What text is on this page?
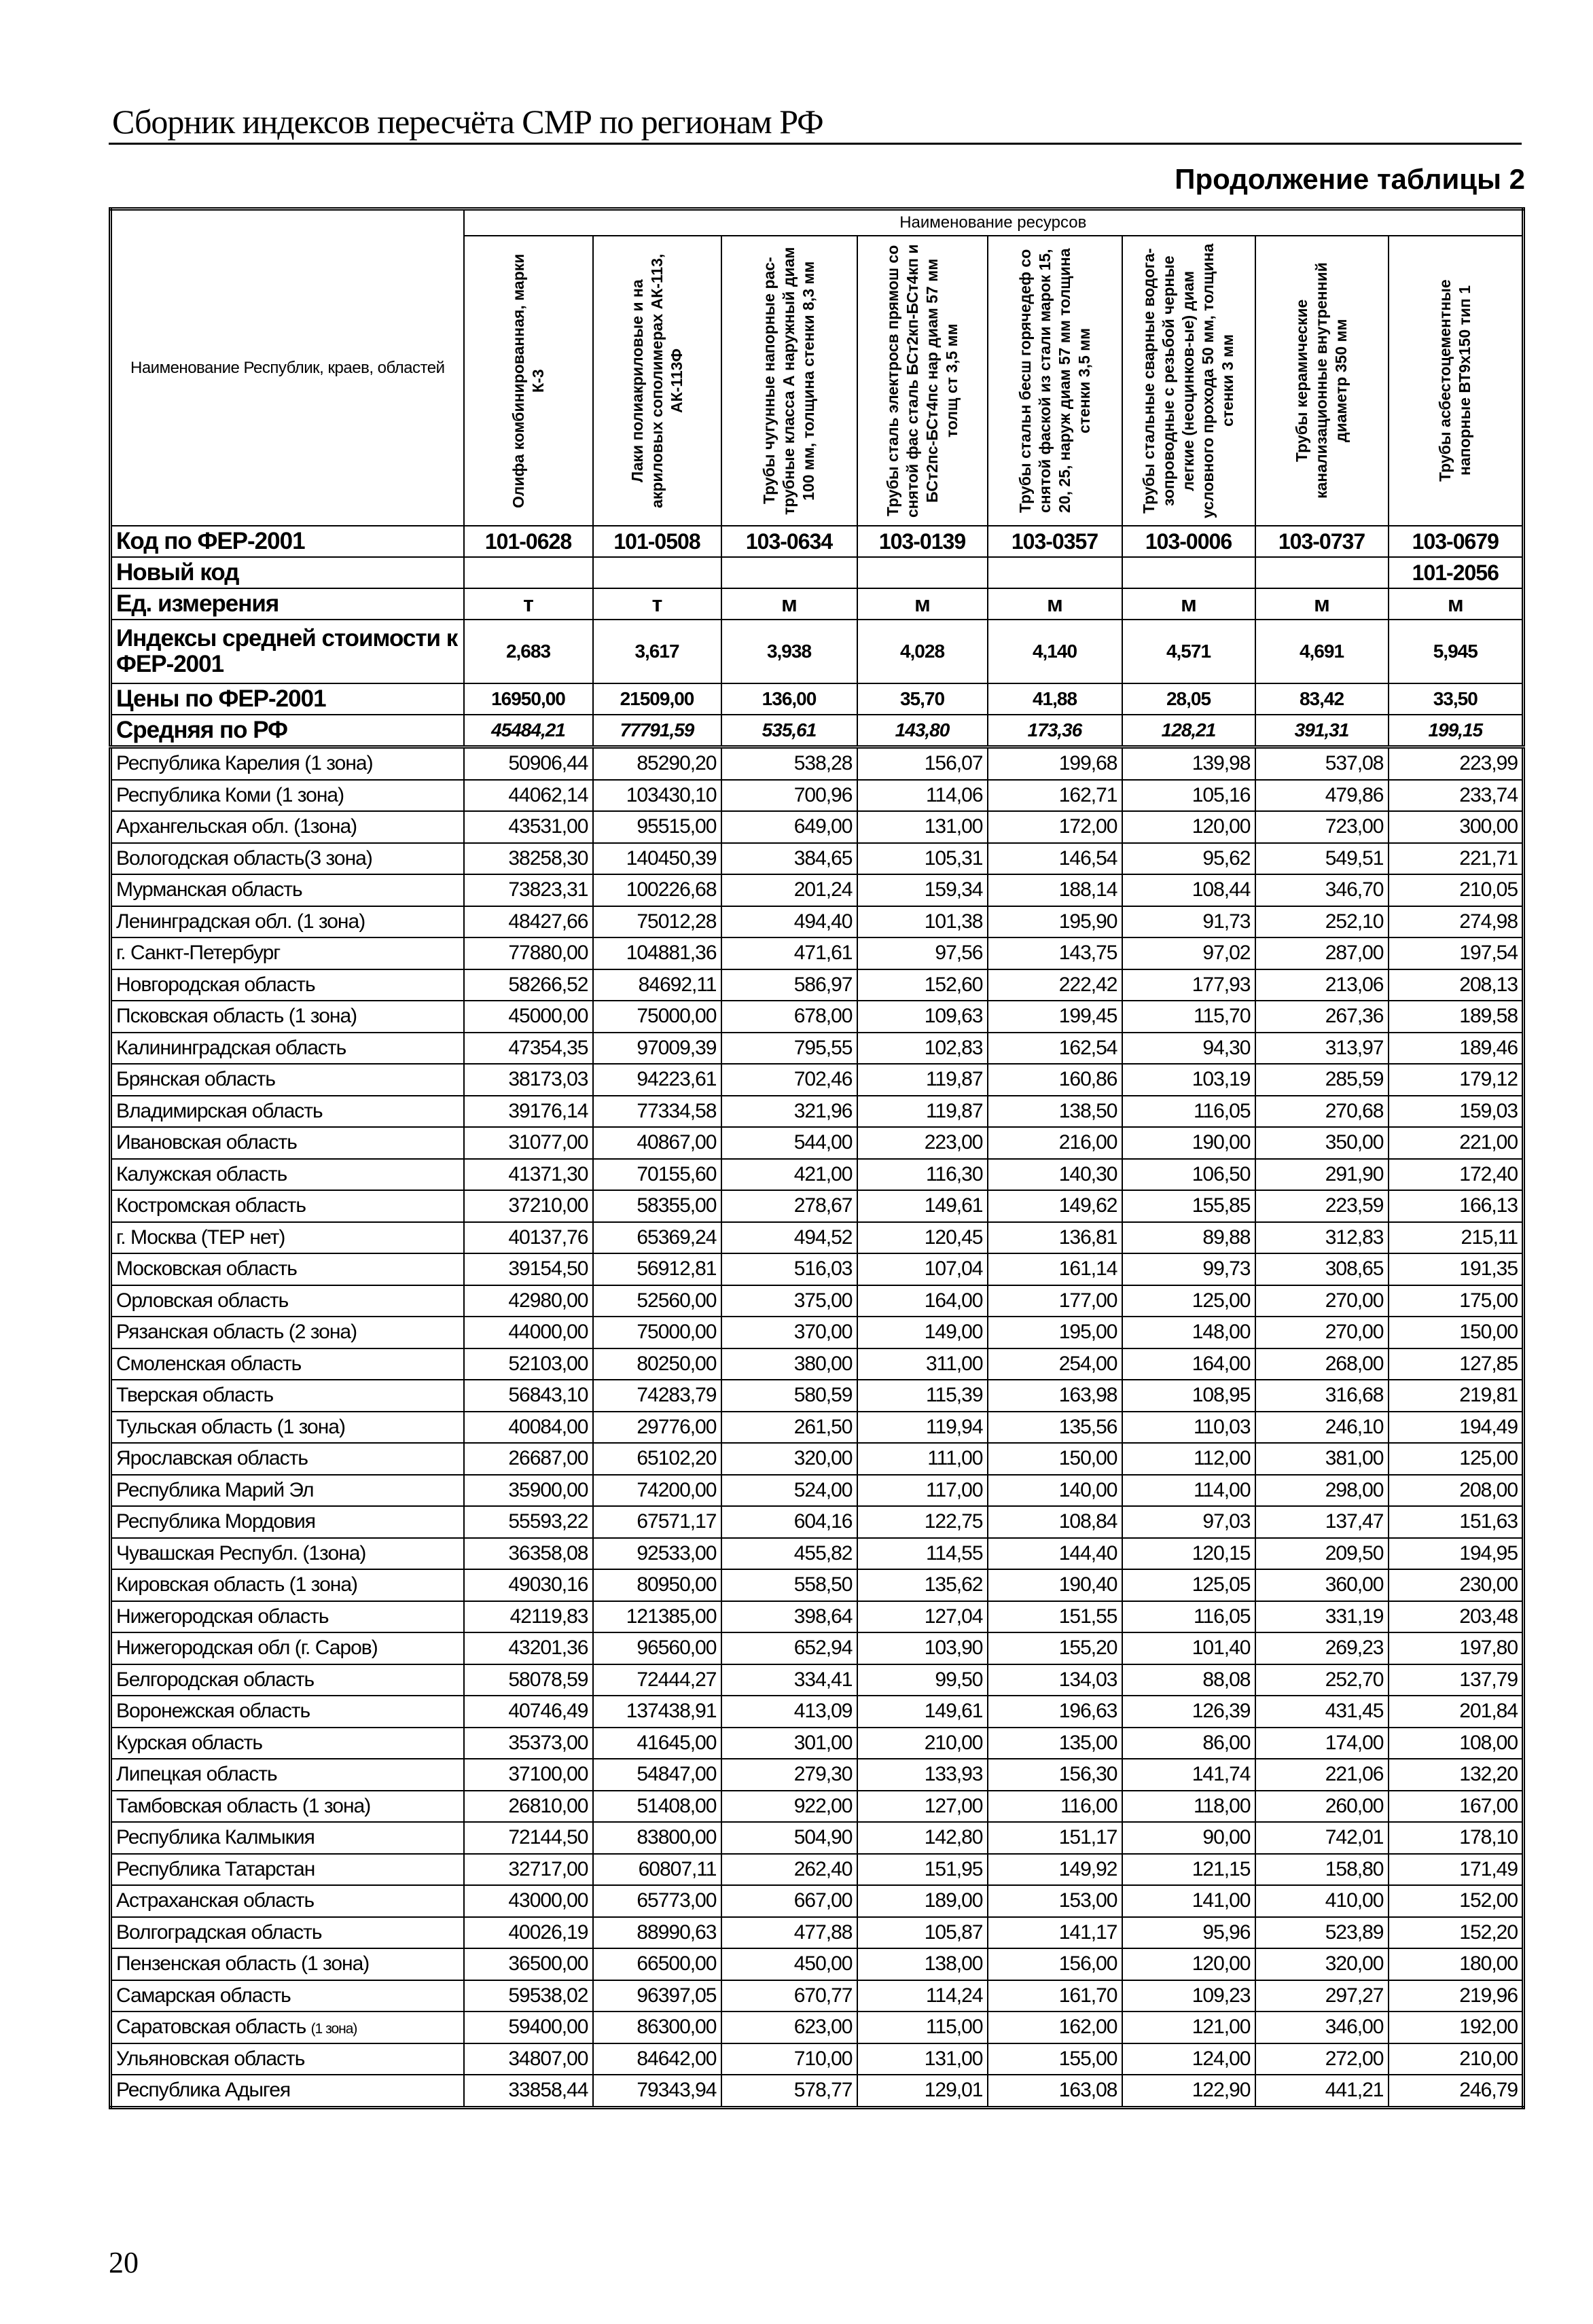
Сборник индексов пересчёта СМР по регионам РФ
Продолжение таблицы 2
Наименование Республик, краев, областей	Наименование ресурсов							

	Олифа комбинированная, марки К-3	Лаки полиакриловые и на акриловых сополимерах АК-113, АК-113Ф	Трубы чугунные напорные рас-трубные класса А наружный диам 100 мм, толщина стенки 8,3 мм	Трубы сталь электросв прямош со снятой фас сталь БСт2кп-БСт4кп и БСт2пс-БСт4пс нар диам 57 мм толщ ст 3,5 мм	Трубы стальн бесш горячедеф со снятой фаской из стали марок 15, 20, 25, наруж диам 57 мм толщина стенки 3,5 мм	Трубы стальные сварные водога-зопроводные с резьбой черные легкие (неоцинков-ые) диам условного прохода 50 мм, толщина стенки 3 мм	Трубы керамические канализационные внутренний диаметр 350 мм	Трубы асбестоцементные напорные ВТ9х150 тип 1

Код по ФЕР-2001	101-0628	101-0508	103-0634	103-0139	103-0357	103-0006	103-0737	103-0679
Новый код								101-2056
Ед. измерения	т	т	м	м	м	м	м	м
Индексы средней стоимости к ФЕР-2001	2,683	3,617	3,938	4,028	4,140	4,571	4,691	5,945
Цены по ФЕР-2001	16950,00	21509,00	136,00	35,70	41,88	28,05	83,42	33,50
Средняя по РФ	45484,21	77791,59	535,61	143,80	173,36	128,21	391,31	199,15
Республика Карелия (1 зона)	50906,44	85290,20	538,28	156,07	199,68	139,98	537,08	223,99
Республика Коми (1 зона)	44062,14	103430,10	700,96	114,06	162,71	105,16	479,86	233,74
Архангельская обл. (1зона)	43531,00	95515,00	649,00	131,00	172,00	120,00	723,00	300,00
Вологодская область(3 зона)	38258,30	140450,39	384,65	105,31	146,54	95,62	549,51	221,71
Мурманская область	73823,31	100226,68	201,24	159,34	188,14	108,44	346,70	210,05
Ленинградская обл. (1 зона)	48427,66	75012,28	494,40	101,38	195,90	91,73	252,10	274,98
г. Санкт-Петербург	77880,00	104881,36	471,61	97,56	143,75	97,02	287,00	197,54
Новгородская область	58266,52	84692,11	586,97	152,60	222,42	177,93	213,06	208,13
Псковская область (1 зона)	45000,00	75000,00	678,00	109,63	199,45	115,70	267,36	189,58
Калининградская область	47354,35	97009,39	795,55	102,83	162,54	94,30	313,97	189,46
Брянская область	38173,03	94223,61	702,46	119,87	160,86	103,19	285,59	179,12
Владимирская область	39176,14	77334,58	321,96	119,87	138,50	116,05	270,68	159,03
Ивановская область	31077,00	40867,00	544,00	223,00	216,00	190,00	350,00	221,00
Калужская область	41371,30	70155,60	421,00	116,30	140,30	106,50	291,90	172,40
Костромская область	37210,00	58355,00	278,67	149,61	149,62	155,85	223,59	166,13
г. Москва (ТЕР нет)	40137,76	65369,24	494,52	120,45	136,81	89,88	312,83	215,11
Московская область	39154,50	56912,81	516,03	107,04	161,14	99,73	308,65	191,35
Орловская область	42980,00	52560,00	375,00	164,00	177,00	125,00	270,00	175,00
Рязанская область (2 зона)	44000,00	75000,00	370,00	149,00	195,00	148,00	270,00	150,00
Смоленская область	52103,00	80250,00	380,00	311,00	254,00	164,00	268,00	127,85
Тверская область	56843,10	74283,79	580,59	115,39	163,98	108,95	316,68	219,81
Тульская область (1 зона)	40084,00	29776,00	261,50	119,94	135,56	110,03	246,10	194,49
Ярославская область	26687,00	65102,20	320,00	111,00	150,00	112,00	381,00	125,00
Республика Марий Эл	35900,00	74200,00	524,00	117,00	140,00	114,00	298,00	208,00
Республика Мордовия	55593,22	67571,17	604,16	122,75	108,84	97,03	137,47	151,63
Чувашская Республ. (1зона)	36358,08	92533,00	455,82	114,55	144,40	120,15	209,50	194,95
Кировская область (1 зона)	49030,16	80950,00	558,50	135,62	190,40	125,05	360,00	230,00
Нижегородская область	42119,83	121385,00	398,64	127,04	151,55	116,05	331,19	203,48
Нижегородская обл (г. Саров)	43201,36	96560,00	652,94	103,90	155,20	101,40	269,23	197,80
Белгородская область	58078,59	72444,27	334,41	99,50	134,03	88,08	252,70	137,79
Воронежская область	40746,49	137438,91	413,09	149,61	196,63	126,39	431,45	201,84
Курская область	35373,00	41645,00	301,00	210,00	135,00	86,00	174,00	108,00
Липецкая область	37100,00	54847,00	279,30	133,93	156,30	141,74	221,06	132,20
Тамбовская область (1 зона)	26810,00	51408,00	922,00	127,00	116,00	118,00	260,00	167,00
Республика Калмыкия	72144,50	83800,00	504,90	142,80	151,17	90,00	742,01	178,10
Республика Татарстан	32717,00	60807,11	262,40	151,95	149,92	121,15	158,80	171,49
Астраханская область	43000,00	65773,00	667,00	189,00	153,00	141,00	410,00	152,00
Волгоградская область	40026,19	88990,63	477,88	105,87	141,17	95,96	523,89	152,20
Пензенская область (1 зона)	36500,00	66500,00	450,00	138,00	156,00	120,00	320,00	180,00
Самарская область	59538,02	96397,05	670,77	114,24	161,70	109,23	297,27	219,96
Саратовская область (1 зона)	59400,00	86300,00	623,00	115,00	162,00	121,00	346,00	192,00
Ульяновская область	34807,00	84642,00	710,00	131,00	155,00	124,00	272,00	210,00
Республика Адыгея	33858,44	79343,94	578,77	129,01	163,08	122,90	441,21	246,79
20
